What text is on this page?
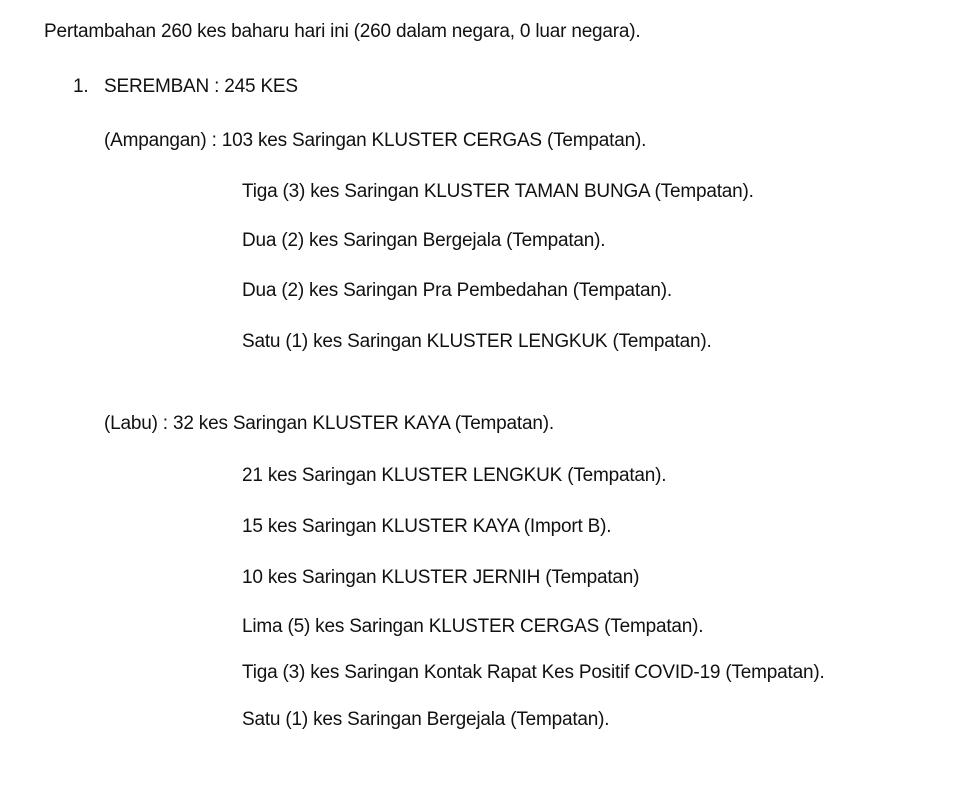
Pertambahan 260 kes baharu hari ini (260 dalam negara, 0 luar negara).
1. SEREMBAN : 245 KES
(Ampangan) : 103 kes Saringan KLUSTER CERGAS (Tempatan).
Tiga (3) kes Saringan KLUSTER TAMAN BUNGA (Tempatan).
Dua (2) kes Saringan Bergejala (Tempatan).
Dua (2) kes Saringan Pra Pembedahan (Tempatan).
Satu (1) kes Saringan KLUSTER LENGKUK (Tempatan).
(Labu) : 32 kes Saringan KLUSTER KAYA (Tempatan).
21 kes Saringan KLUSTER LENGKUK (Tempatan).
15 kes Saringan KLUSTER KAYA (Import B).
10 kes Saringan KLUSTER JERNIH (Tempatan)
Lima (5) kes Saringan KLUSTER CERGAS (Tempatan).
Tiga (3) kes Saringan Kontak Rapat Kes Positif COVID-19 (Tempatan).
Satu (1) kes Saringan Bergejala (Tempatan).
